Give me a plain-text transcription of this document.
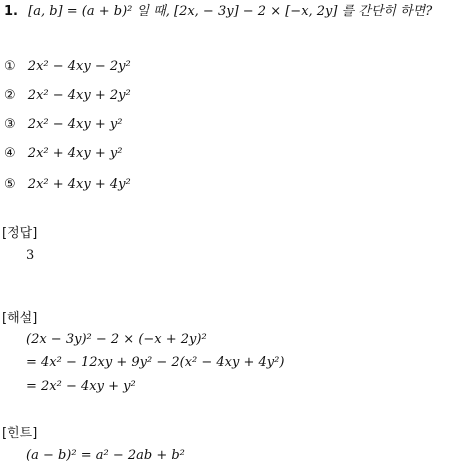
1. [a, b] = (a + b)² 일 때, [2x, − 3y] − 2 × [−x, 2y] 를 간단히 하면?
① 2x² − 4xy − 2y²
② 2x² − 4xy + 2y²
③ 2x² − 4xy + y²
④ 2x² + 4xy + y²
⑤ 2x² + 4xy + 4y²
[정답]
3
[해설]
(2x − 3y)² − 2 × (−x + 2y)²
= 4x² − 12xy + 9y² − 2(x² − 4xy + 4y²)
= 2x² − 4xy + y²
[힌트]
(a − b)² = a² − 2ab + b²
